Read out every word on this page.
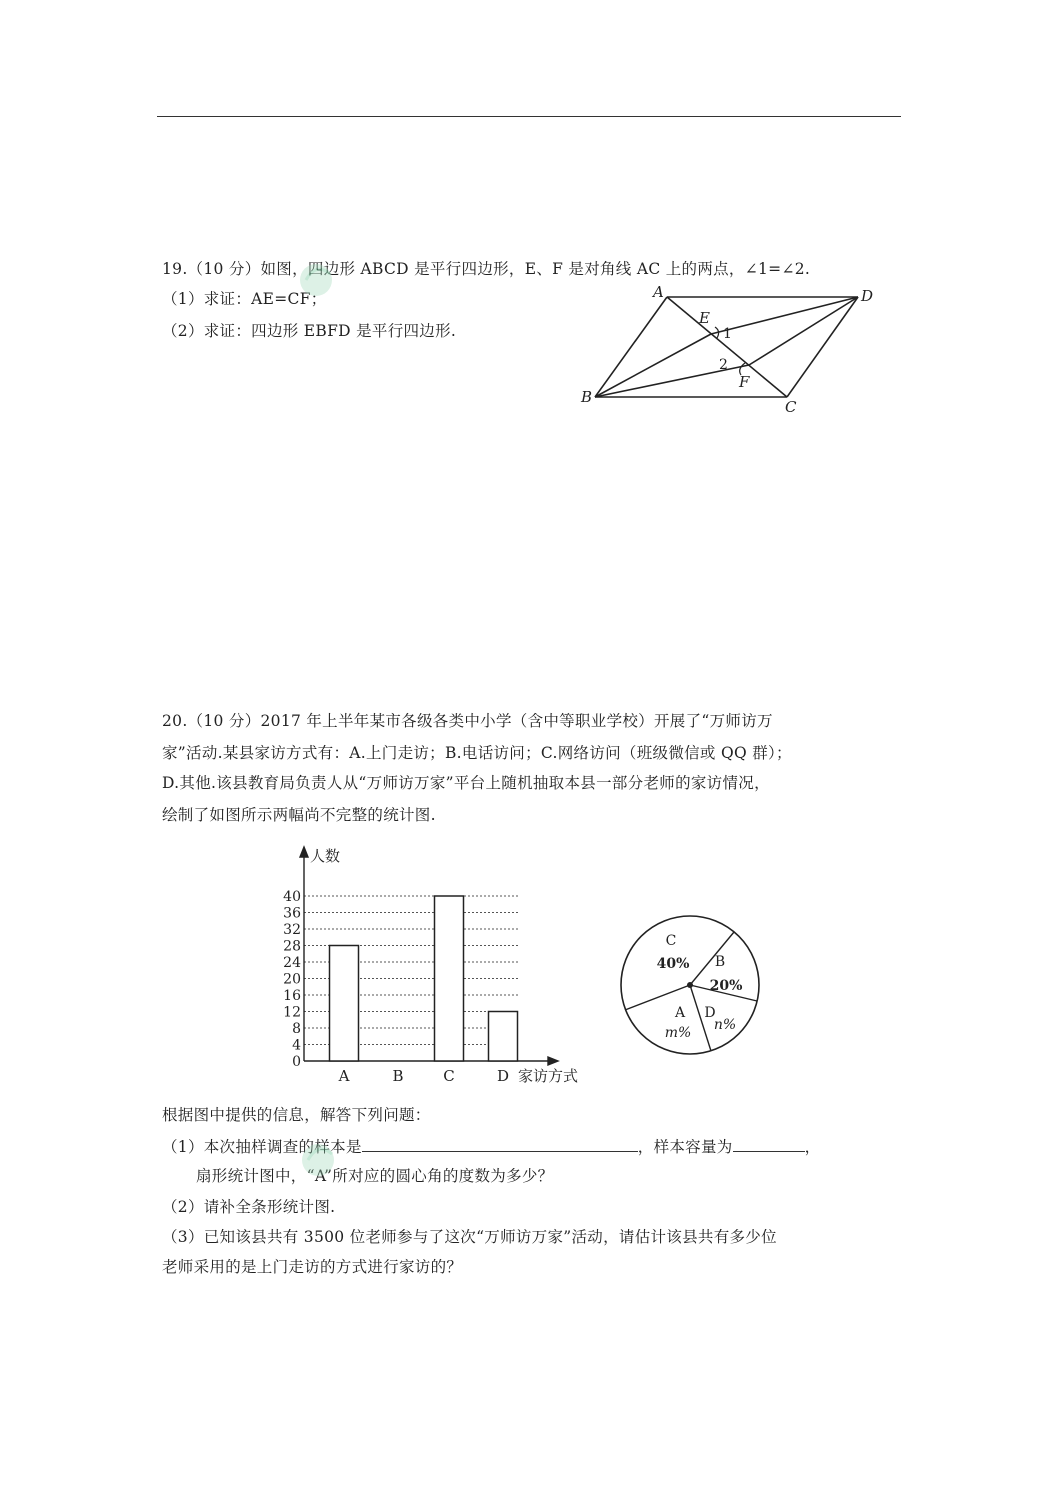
19.（10 分）如图，四边形 ABCD 是平行四边形，E、F 是对角线 AC 上的两点，∠1=∠2.
（1）求证：AE=CF；
（2）求证：四边形 EBFD 是平行四边形.
A	D
B
C
E
F
1
2
20.（10 分）2017 年上半年某市各级各类中小学（含中等职业学校）开展了“万师访万
家”活动.某县家访方式有：A.上门走访；B.电话访问；C.网络访问（班级微信或 QQ 群）；
D.其他.该县教育局负责人从“万师访万家”平台上随机抽取本县一部分老师的家访情况，
绘制了如图所示两幅尚不完整的统计图.
人数
家访方式
0
4
8
12
16
20
24
28
32
36
40
A	B	C	D
C
40% B
20%
D
n%
A
m%
根据图中提供的信息，解答下列问题：
（1）本次抽样调查的样本是	，样本容量为	，
扇形统计图中，“A”所对应的圆心角的度数为多少？
（2）请补全条形统计图.
（3）已知该县共有 3500 位老师参与了这次“万师访万家”活动，请估计该县共有多少位
老师采用的是上门走访的方式进行家访的？
